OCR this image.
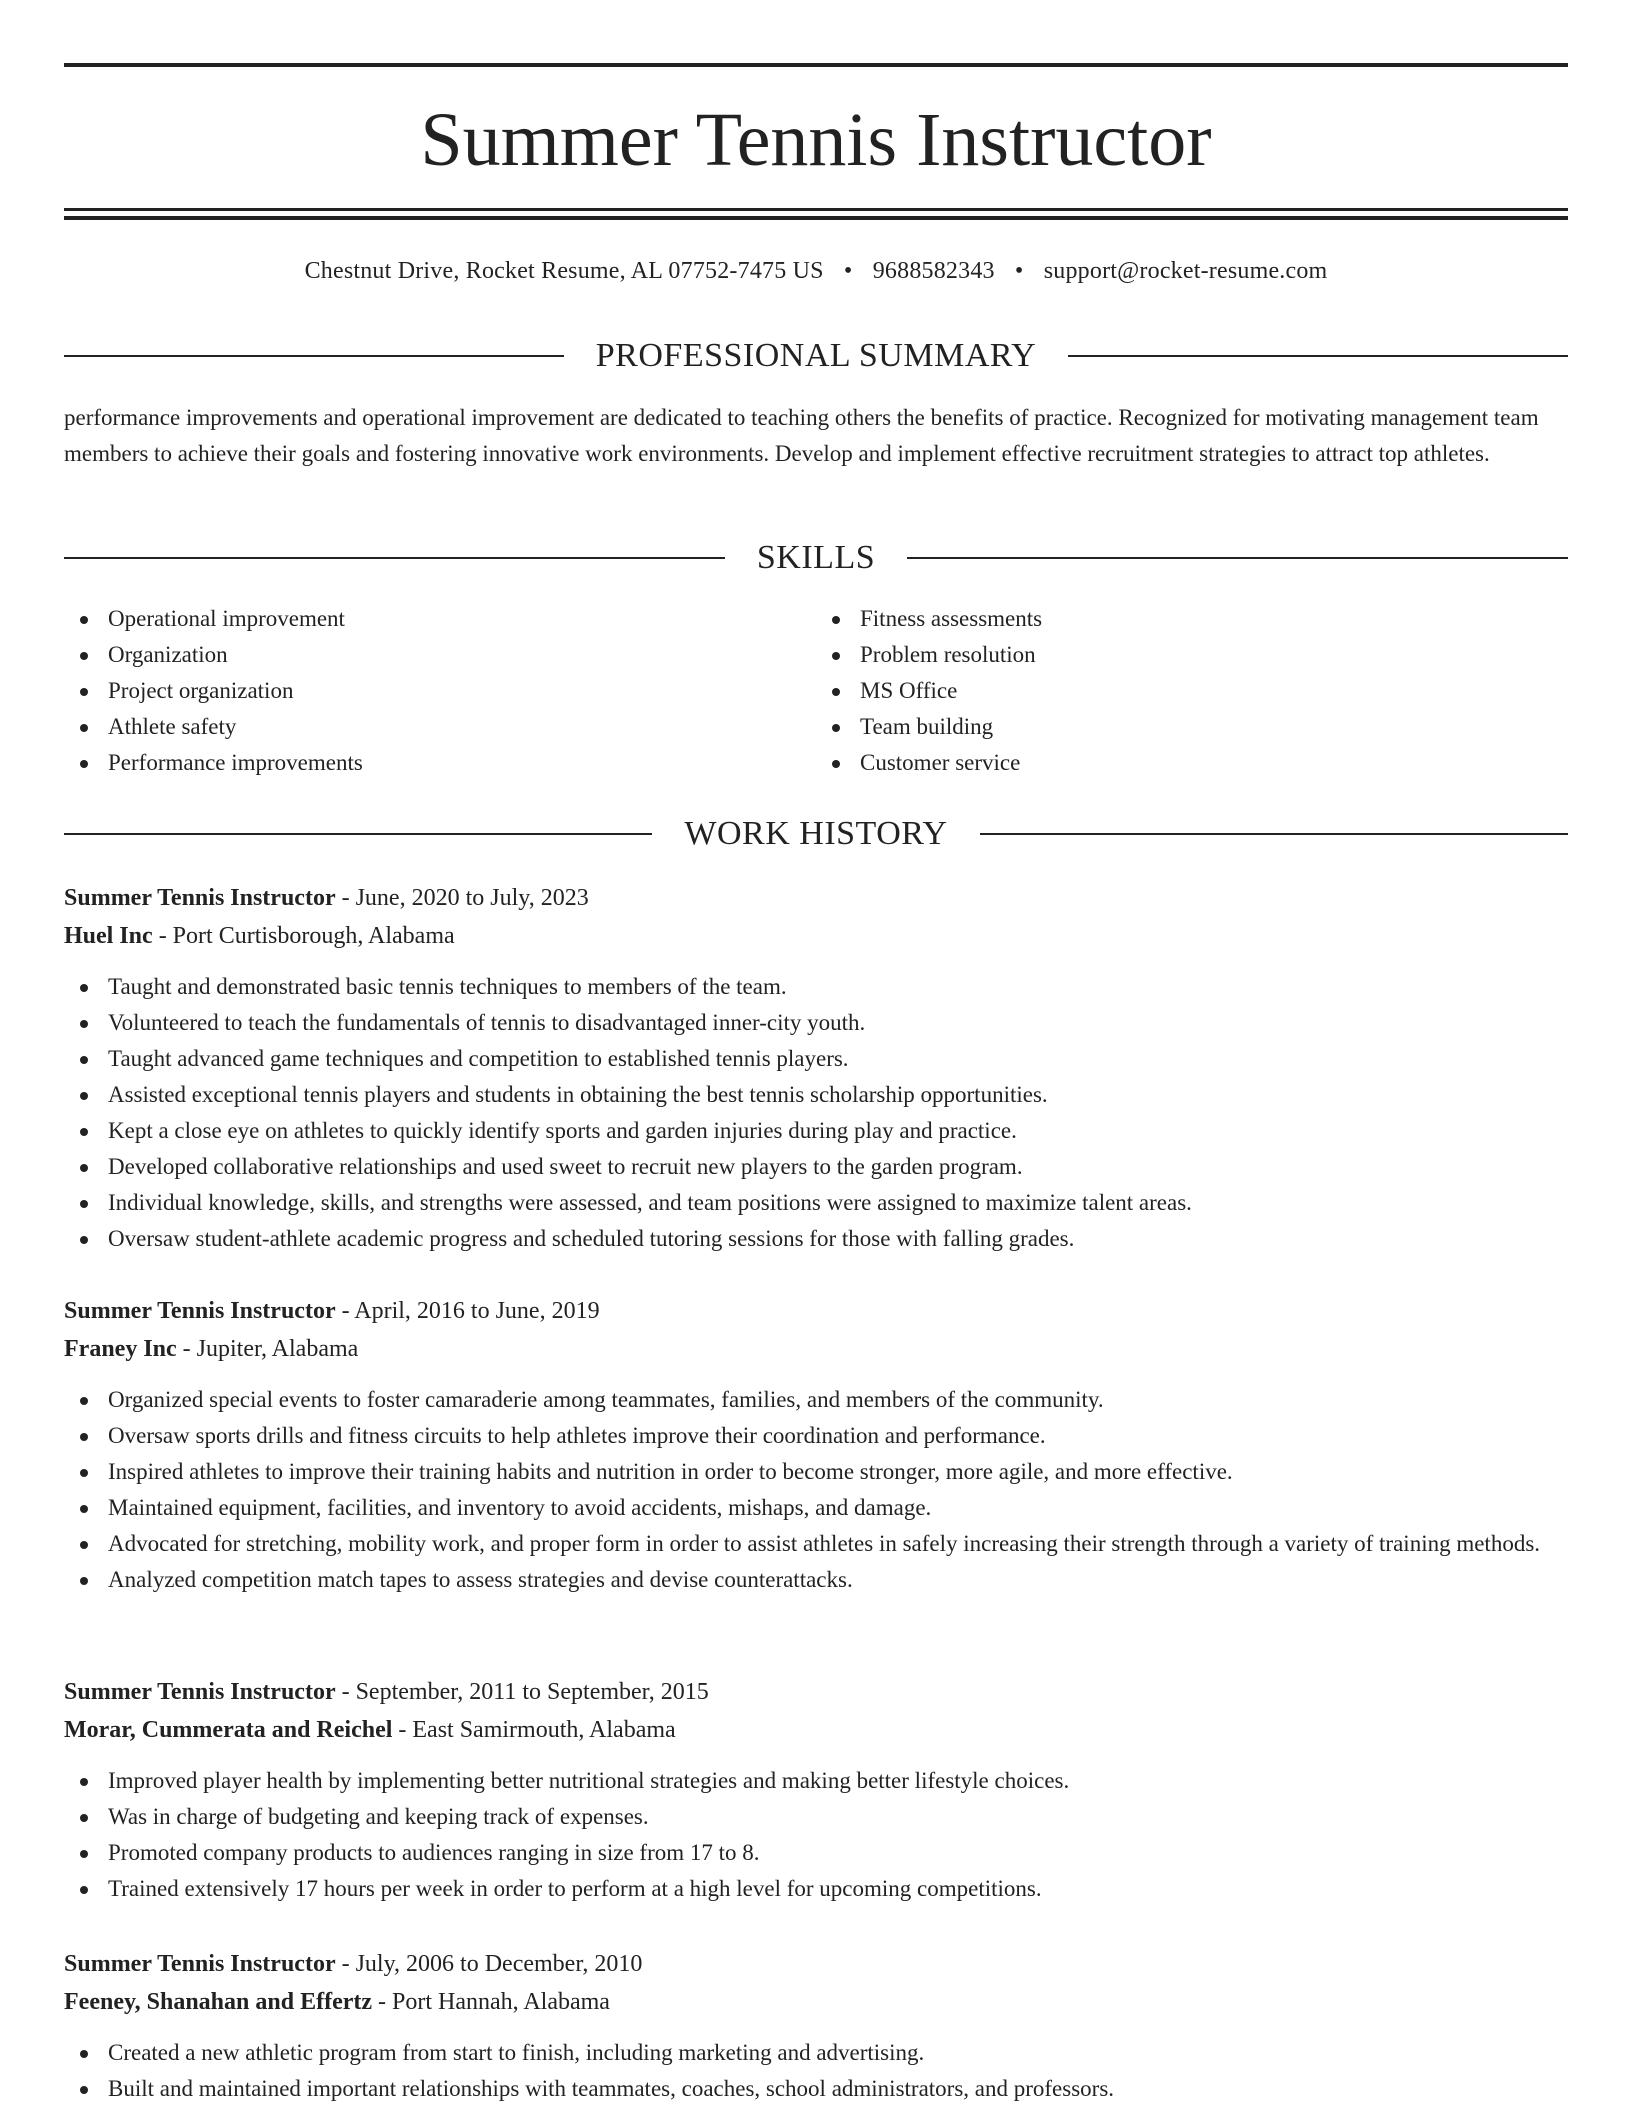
Summer Tennis Instructor
Chestnut Drive, Rocket Resume, AL 07752-7475 US • 9688582343 • support@rocket-resume.com
PROFESSIONAL SUMMARY

performance improvements and operational improvement are dedicated to teaching others the benefits of practice. Recognized for motivating management team members to achieve their goals and fostering innovative work environments. Develop and implement effective recruitment strategies to attract top athletes.

SKILLS
Operational improvement
Organization
Project organization
Athlete safety
Performance improvements
Fitness assessments
Problem resolution
MS Office
Team building
Customer service
WORK HISTORY
Summer Tennis Instructor - June, 2020 to July, 2023
Huel Inc - Port Curtisborough, Alabama
Taught and demonstrated basic tennis techniques to members of the team.
Volunteered to teach the fundamentals of tennis to disadvantaged inner-city youth.
Taught advanced game techniques and competition to established tennis players.
Assisted exceptional tennis players and students in obtaining the best tennis scholarship opportunities.
Kept a close eye on athletes to quickly identify sports and garden injuries during play and practice.
Developed collaborative relationships and used sweet to recruit new players to the garden program.
Individual knowledge, skills, and strengths were assessed, and team positions were assigned to maximize talent areas.
Oversaw student-athlete academic progress and scheduled tutoring sessions for those with falling grades.
Summer Tennis Instructor - April, 2016 to June, 2019
Franey Inc - Jupiter, Alabama
Organized special events to foster camaraderie among teammates, families, and members of the community.
Oversaw sports drills and fitness circuits to help athletes improve their coordination and performance.
Inspired athletes to improve their training habits and nutrition in order to become stronger, more agile, and more effective.
Maintained equipment, facilities, and inventory to avoid accidents, mishaps, and damage.
Advocated for stretching, mobility work, and proper form in order to assist athletes in safely increasing their strength through a variety of training methods.
Analyzed competition match tapes to assess strategies and devise counterattacks.
Summer Tennis Instructor - September, 2011 to September, 2015
Morar, Cummerata and Reichel - East Samirmouth, Alabama
Improved player health by implementing better nutritional strategies and making better lifestyle choices.
Was in charge of budgeting and keeping track of expenses.
Promoted company products to audiences ranging in size from 17 to 8.
Trained extensively 17 hours per week in order to perform at a high level for upcoming competitions.
Summer Tennis Instructor - July, 2006 to December, 2010
Feeney, Shanahan and Effertz - Port Hannah, Alabama
Created a new athletic program from start to finish, including marketing and advertising.
Built and maintained important relationships with teammates, coaches, school administrators, and professors.
